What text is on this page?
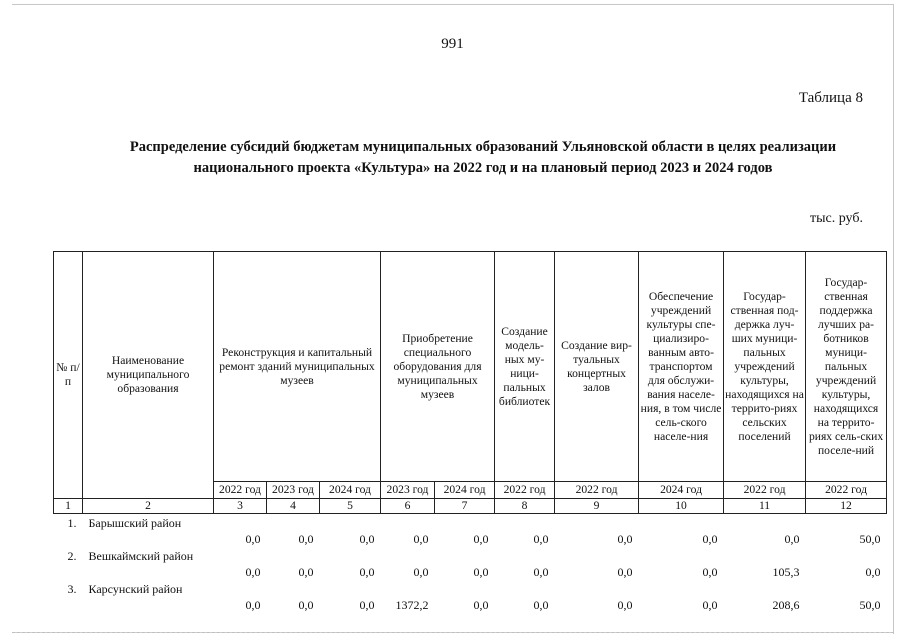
991
Таблица 8
Распределение субсидий бюджетам муниципальных образований Ульяновской области в целях реализации
национального проекта «Культура» на 2022 год и на плановый период 2023 и 2024 годов
тыс. руб.
№ п/п	Наименование муниципального образования	Реконструкция и капитальный ремонт зданий муниципальных музеев			Приобретение специального оборудования для муниципальных музеев		Создание модель-ных му-ници-пальных библиотек	Создание вир-туальных концертных залов	Обеспечение учреждений культуры спе-циализиро-ванным авто-транспортом для обслужи-вания населе-ния, в том числе сель-ского населе-ния	Государ-ственная под-держка луч-ших муници-пальных учреждений культуры, находящихся на террито-риях сельских поселений	Государ-ственная поддержка лучших ра-ботников муници-пальных учреждений культуры, находящихся на террито-риях сель-ских поселе-ний
		2022 год	2023 год	2024 год	2023 год	2024 год	2022 год	2022 год	2024 год	2022 год	2022 год
1	2	3	4	5	6	7	8	9	10	11	12
1.	Барышский район	0,0	0,0	0,0	0,0	0,0	0,0	0,0	0,0	0,0	50,0
2.	Вешкаймский район	0,0	0,0	0,0	0,0	0,0	0,0	0,0	0,0	105,3	0,0
3.	Карсунский район	0,0	0,0	0,0	1372,2	0,0	0,0	0,0	0,0	208,6	50,0
